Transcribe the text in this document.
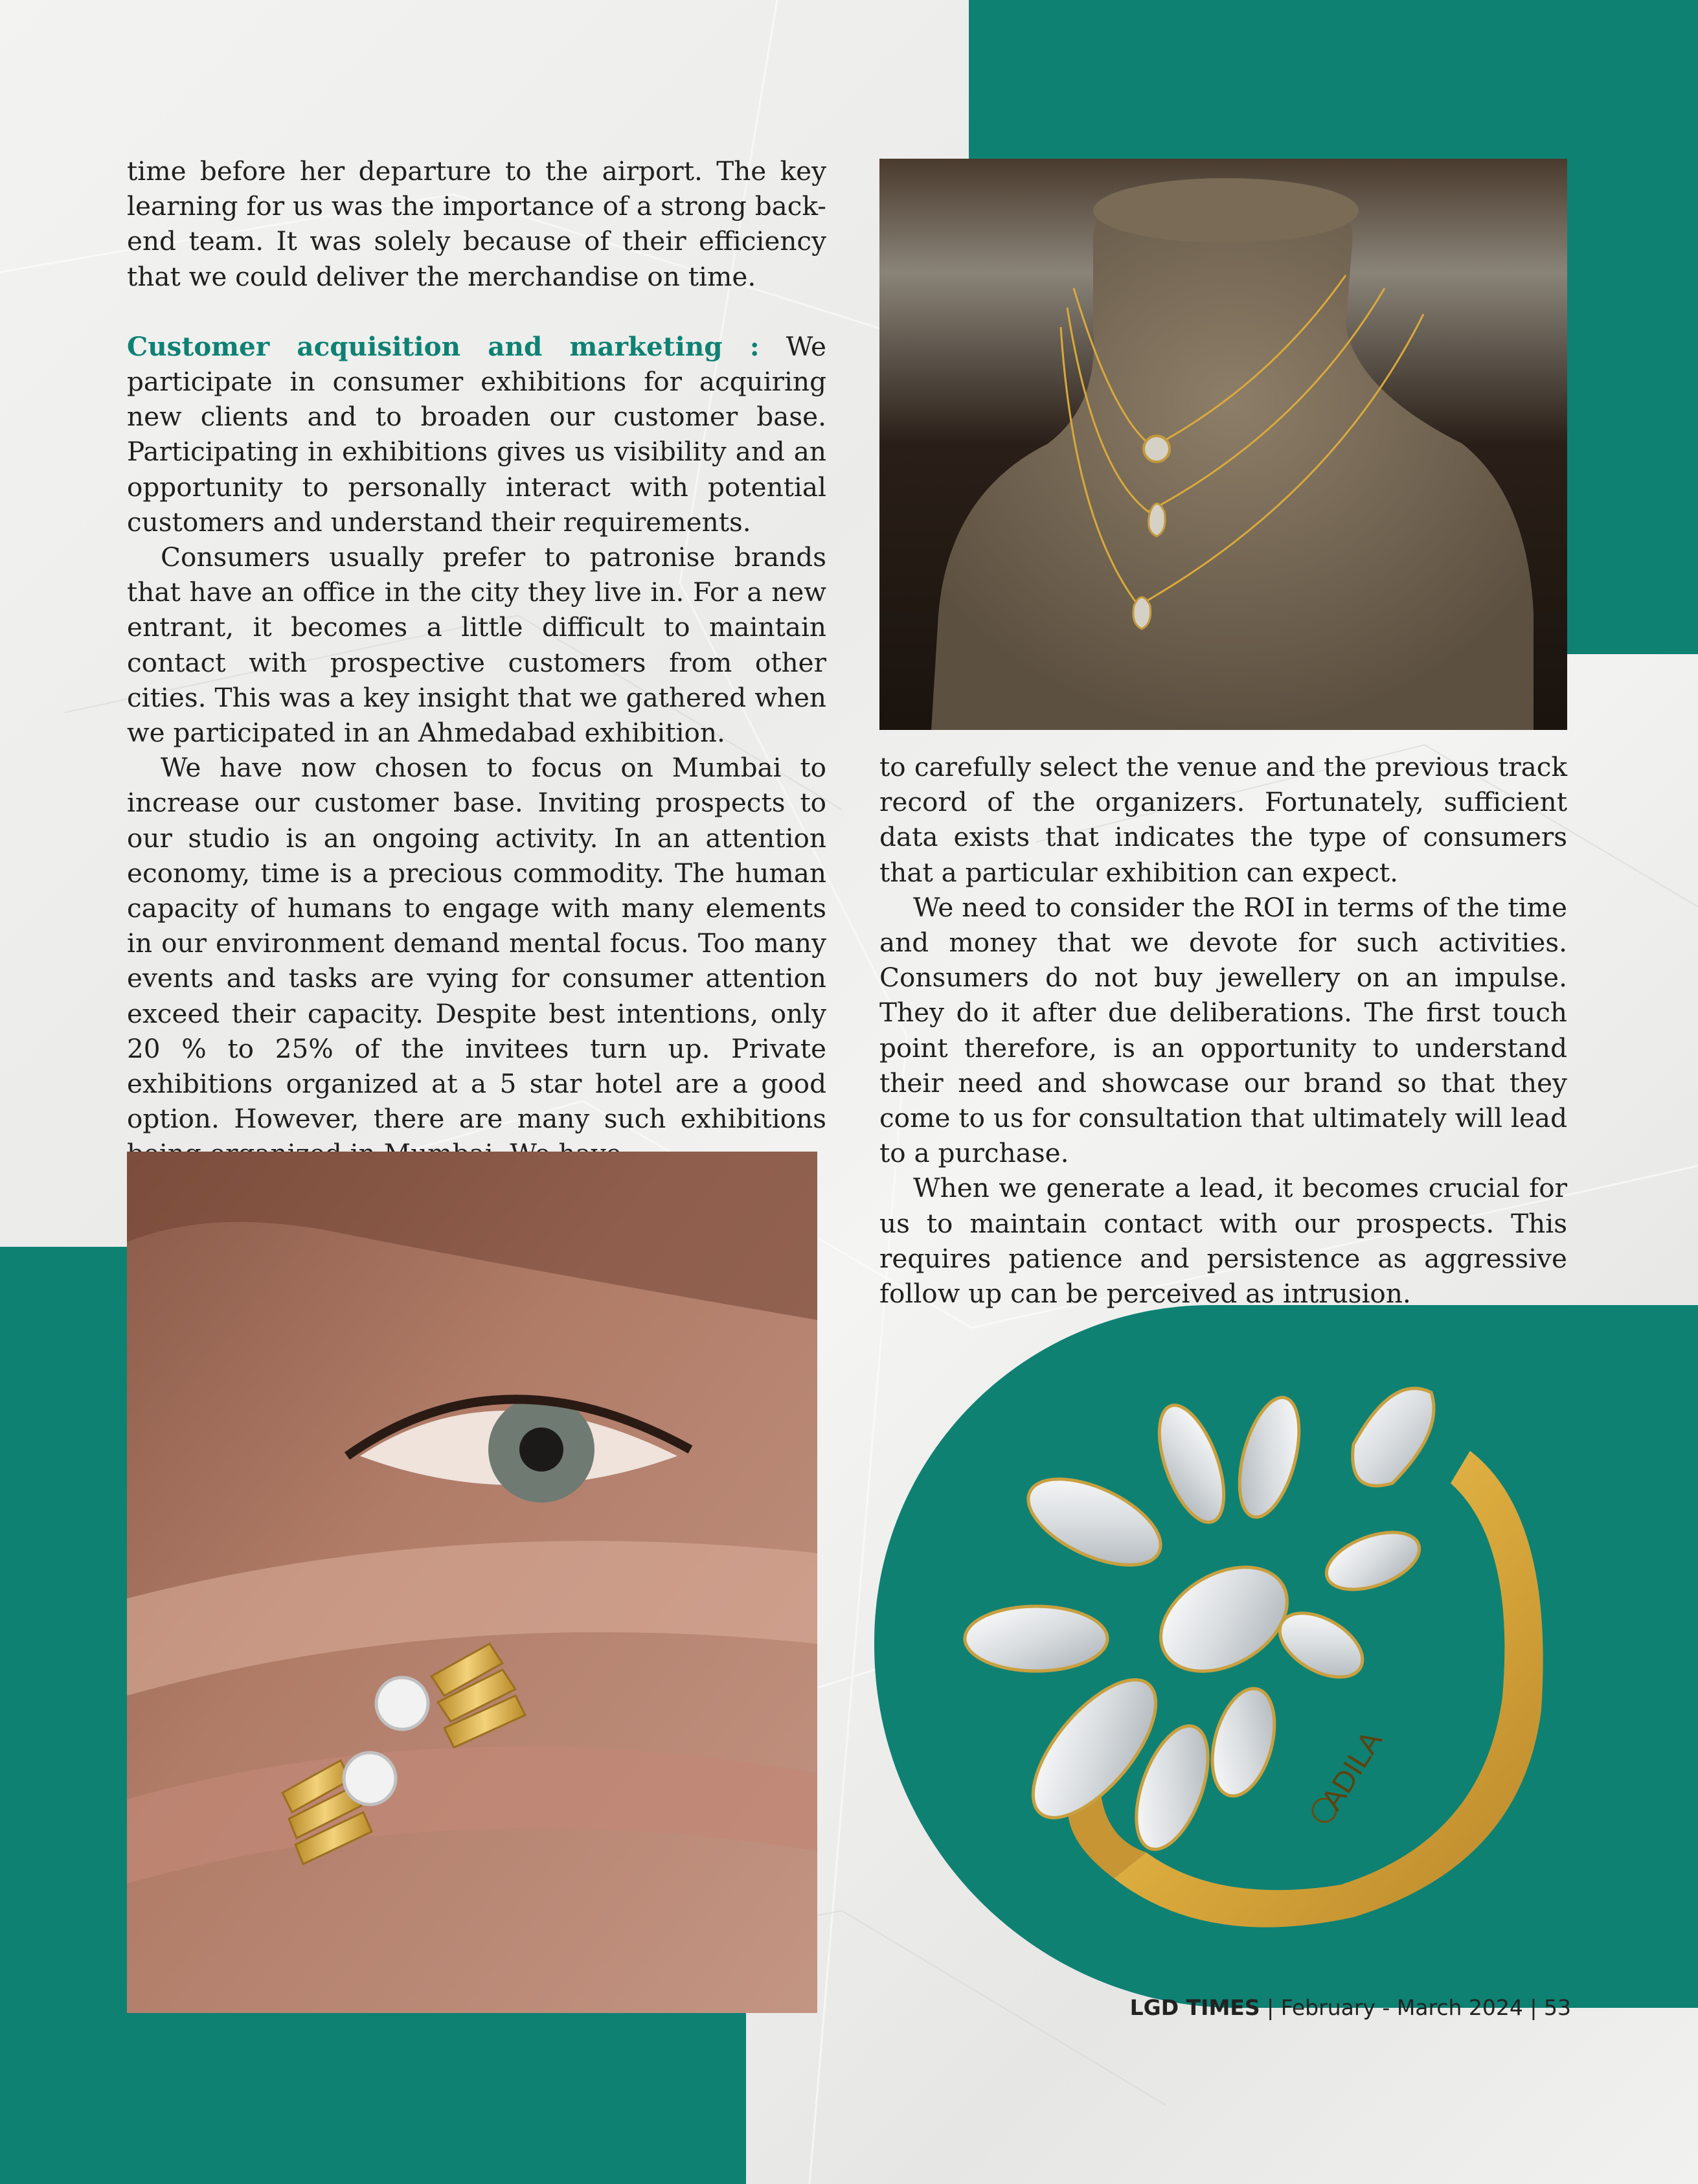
time before her departure to the airport. The key learning for us was the importance of a strong back-end team. It was solely because of their efficiency that we could deliver the merchandise on time.

Customer acquisition and marketing : We participate in consumer exhibitions for acquiring new clients and to broaden our customer base. Participating in exhibitions gives us visibility and an opportunity to personally interact with potential customers and understand their requirements.

Consumers usually prefer to patronise brands that have an office in the city they live in. For a new entrant, it becomes a little difficult to maintain contact with prospective customers from other cities. This was a key insight that we gathered when we participated in an Ahmedabad exhibition.

We have now chosen to focus on Mumbai to increase our customer base. Inviting prospects to our studio is an ongoing activity. In an attention economy, time is a precious commodity. The human capacity of humans to engage with many elements in our environment demand mental focus. Too many events and tasks are vying for consumer attention exceed their capacity. Despite best intentions, only 20 % to 25% of the invitees turn up. Private exhibitions organized at a 5 star hotel are a good option. However, there are many such exhibitions

to carefully select the venue and the previous track record of the organizers. Fortunately, sufficient data exists that indicates the type of consumers that a particular exhibition can expect.

We need to consider the ROI in terms of the time and money that we devote for such activities. Consumers do not buy jewellery on an impulse. They do it after due deliberations. The first touch point therefore, is an opportunity to understand their need and showcase our brand so that they come to us for consultation that ultimately will lead to a purchase.

When we generate a lead, it becomes crucial for us to maintain contact with our prospects. This requires patience and persistence as aggressive follow up can be perceived as intrusion.

ADILA
LGD TIMES | February - March 2024 | 53
